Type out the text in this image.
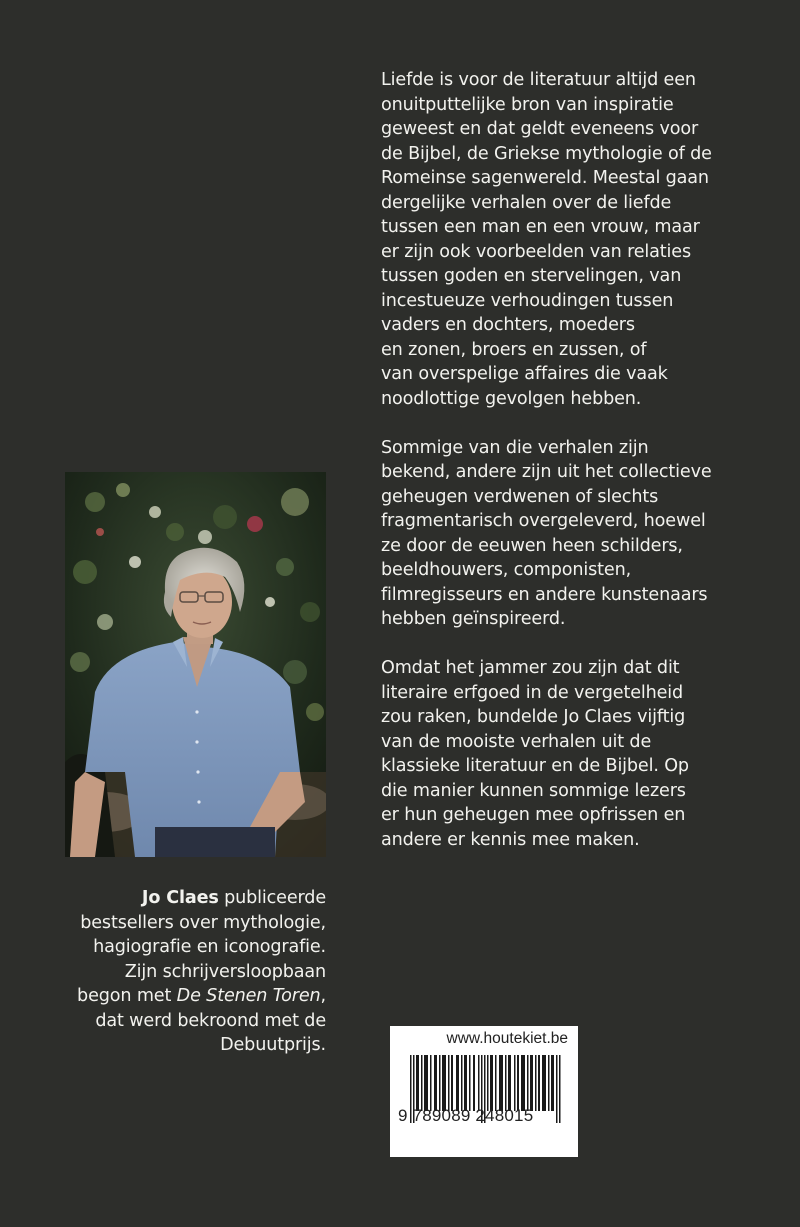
Liefde is voor de literatuur altijd een
onuitputtelijke bron van inspiratie
geweest en dat geldt eveneens voor
de Bijbel, de Griekse mythologie of de
Romeinse sagenwereld. Meestal gaan
dergelijke verhalen over de liefde
tussen een man en een vrouw, maar
er zijn ook voorbeelden van relaties
tussen goden en stervelingen, van
incestueuze verhoudingen tussen
vaders en dochters, moeders
en zonen, broers en zussen, of
van overspelige affaires die vaak
noodlottige gevolgen hebben.

Sommige van die verhalen zijn
bekend, andere zijn uit het collectieve
geheugen verdwenen of slechts
fragmentarisch overgeleverd, hoewel
ze door de eeuwen heen schilders,
beeldhouwers, componisten,
filmregisseurs en andere kunstenaars
hebben geïnspireerd.

Omdat het jammer zou zijn dat dit
literaire erfgoed in de vergetelheid
zou raken, bundelde Jo Claes vijftig
van de mooiste verhalen uit de
klassieke literatuur en de Bijbel. Op
die manier kunnen sommige lezers
er hun geheugen mee opfrissen en
andere er kennis mee maken.

Jo Claes publiceerde
bestsellers over mythologie,
hagiografie en iconografie.
Zijn schrijversloopbaan
begon met De Stenen Toren,
dat werd bekroond met de
Debuutprijs.	www.houtekiet.be
9 789089 248015
